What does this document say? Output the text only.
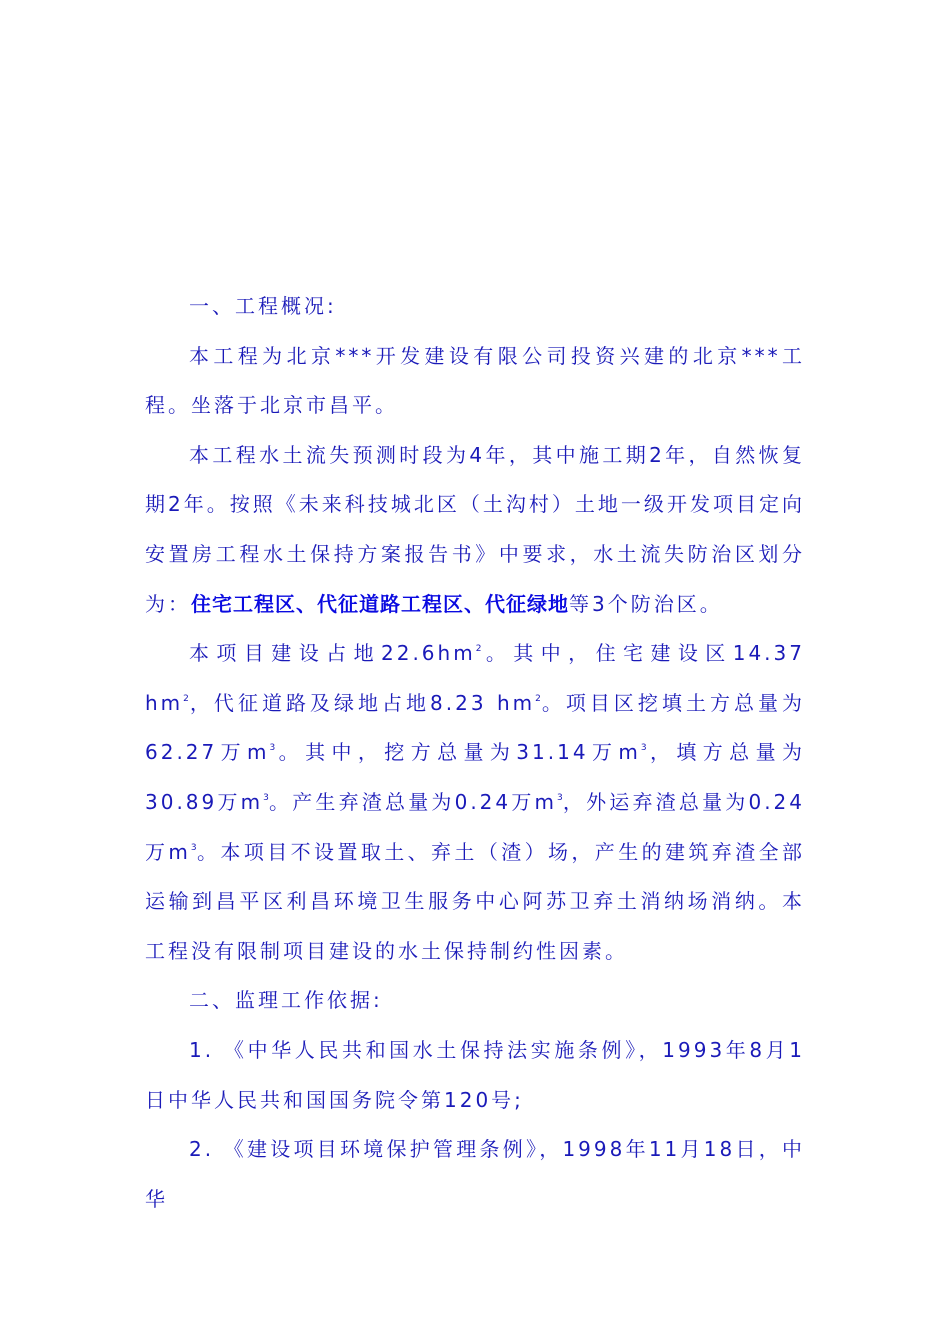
一、工程概况:

本工程为北京***开发建设有限公司投资兴建的北京***工程。坐落于北京市昌平。

本工程水土流失预测时段为4年，其中施工期2年，自然恢复期2年。按照《未来科技城北区（土沟村）土地一级开发项目定向安置房工程水土保持方案报告书》中要求，水土流失防治区划分为：住宅工程区、代征道路工程区、代征绿地等3个防治区。

本项目建设占地$22.6hm^2$。其中，住宅建设区14.37 $hm^2$，代征道路及绿地占地8.23 $hm^2$。项目区挖填土方总量为62.27万$m^3$。其中，挖方总量为31.14万$m^3$，填方总量为30.89万$m^3$。产生弃渣总量为0.24万$m^3$，外运弃渣总量为0.24万$m^3$。本项目不设置取土、弃土（渣）场，产生的建筑弃渣全部运输到昌平区利昌环境卫生服务中心阿苏卫弃土消纳场消纳。本工程没有限制项目建设的水土保持制约性因素。

二、监理工作依据:

1. 《中华人民共和国水土保持法实施条例》，1993年8月1日中华人民共和国国务院令第120号;

2. 《建设项目环境保护管理条例》，1998年11月18日，中华
